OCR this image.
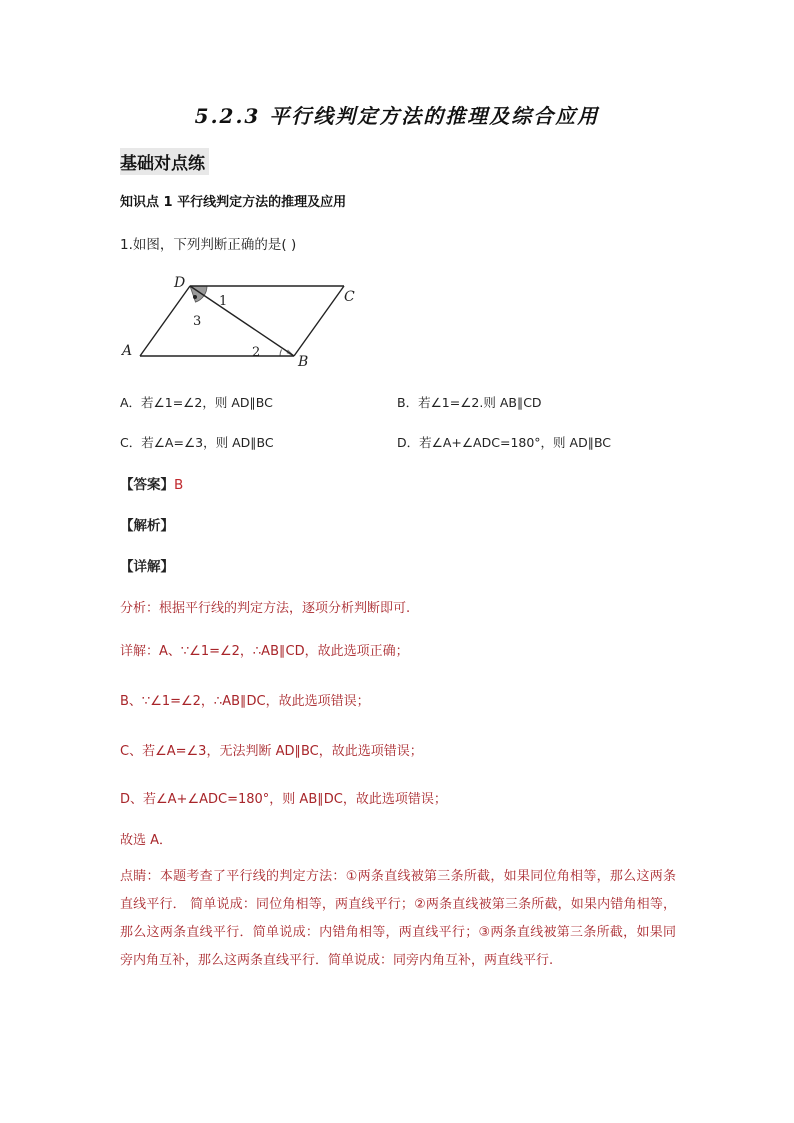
5.2.3 平行线判定方法的推理及综合应用
基础对点练
知识点 1 平行线判定方法的推理及应用
1.如图，下列判断正确的是( )
D
C
A
B
1
2
3
A．若∠1=∠2，则 AD∥BC	B．若∠1=∠2.则 AB∥CD
C．若∠A=∠3，则 AD∥BC	D．若∠A+∠ADC=180°，则 AD∥BC
【答案】B
【解析】
【详解】
分析：根据平行线的判定方法，逐项分析判断即可.
详解：A、∵∠1=∠2，∴AB∥CD，故此选项正确；
B、∵∠1=∠2，∴AB∥DC，故此选项错误；
C、若∠A=∠3，无法判断 AD∥BC，故此选项错误；
D、若∠A+∠ADC=180°，则 AB∥DC，故此选项错误；
故选 A．
点睛：本题考查了平行线的判定方法：①两条直线被第三条所截，如果同位角相等，那么这两条直线平行． 简单说成：同位角相等，两直线平行；②两条直线被第三条所截，如果内错角相等，那么这两条直线平行．简单说成：内错角相等，两直线平行；③两条直线被第三条所截，如果同旁内角互补，那么这两条直线平行．简单说成：同旁内角互补，两直线平行.
